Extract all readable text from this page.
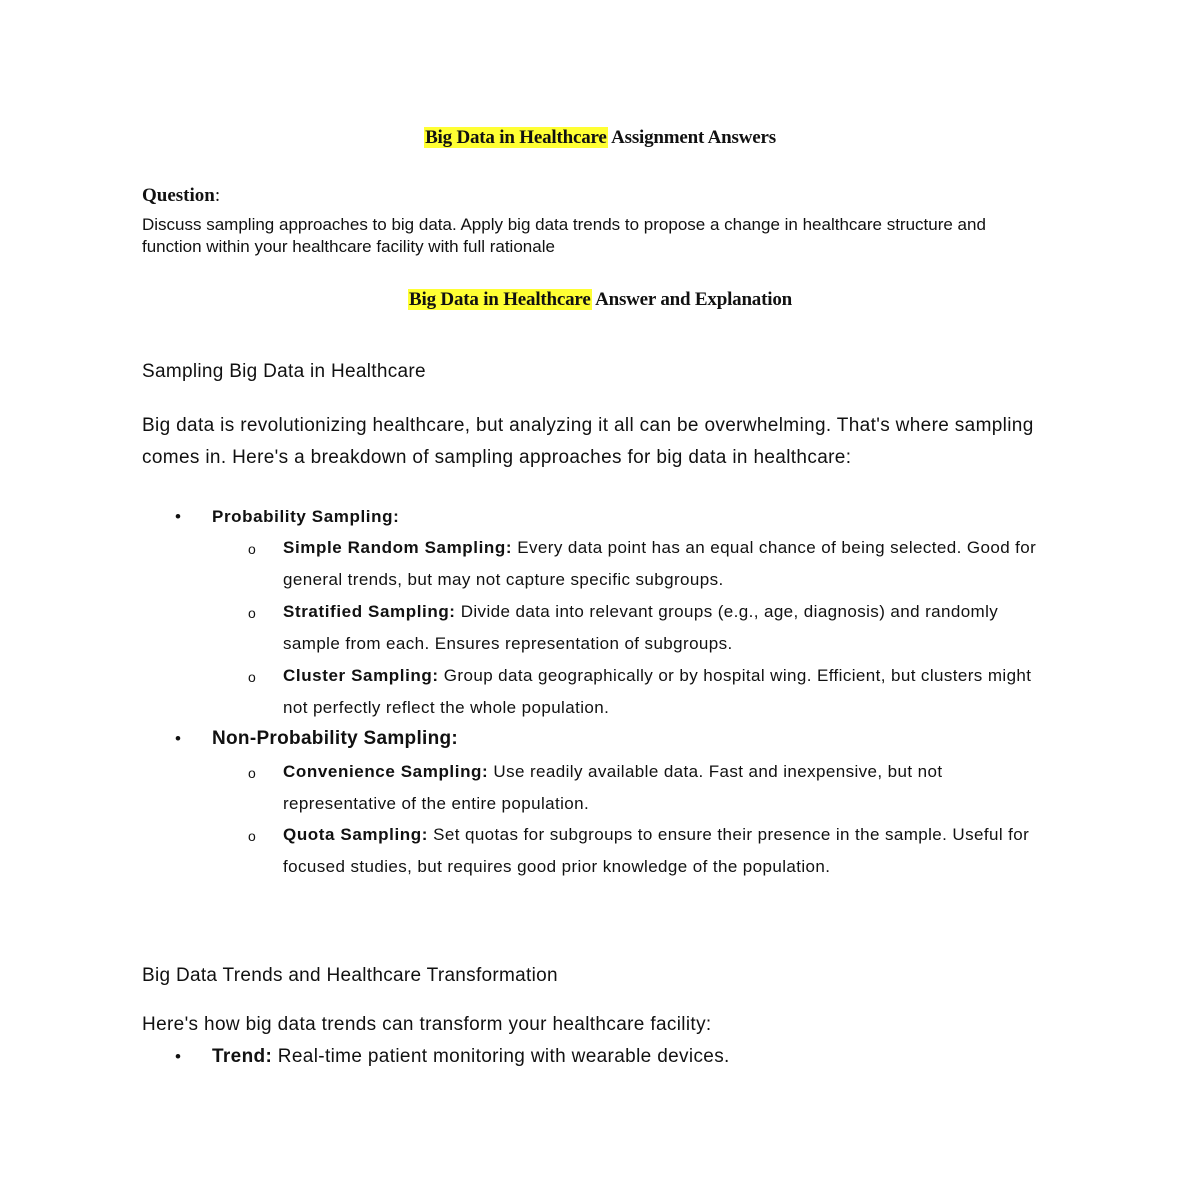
Big Data in Healthcare Assignment Answers
Question:
Discuss sampling approaches to big data. Apply big data trends to propose a change in healthcare structure and function within your healthcare facility with full rationale
Big Data in Healthcare Answer and Explanation
Sampling Big Data in Healthcare
Big data is revolutionizing healthcare, but analyzing it all can be overwhelming. That's where sampling comes in. Here's a breakdown of sampling approaches for big data in healthcare:
• Probability Sampling:
o Simple Random Sampling: Every data point has an equal chance of being selected. Good for general trends, but may not capture specific subgroups.
o Stratified Sampling: Divide data into relevant groups (e.g., age, diagnosis) and randomly sample from each. Ensures representation of subgroups.
o Cluster Sampling: Group data geographically or by hospital wing. Efficient, but clusters might not perfectly reflect the whole population.
• Non-Probability Sampling:
o Convenience Sampling: Use readily available data. Fast and inexpensive, but not representative of the entire population.
o Quota Sampling: Set quotas for subgroups to ensure their presence in the sample. Useful for focused studies, but requires good prior knowledge of the population.
Big Data Trends and Healthcare Transformation
Here's how big data trends can transform your healthcare facility:
• Trend: Real-time patient monitoring with wearable devices.
